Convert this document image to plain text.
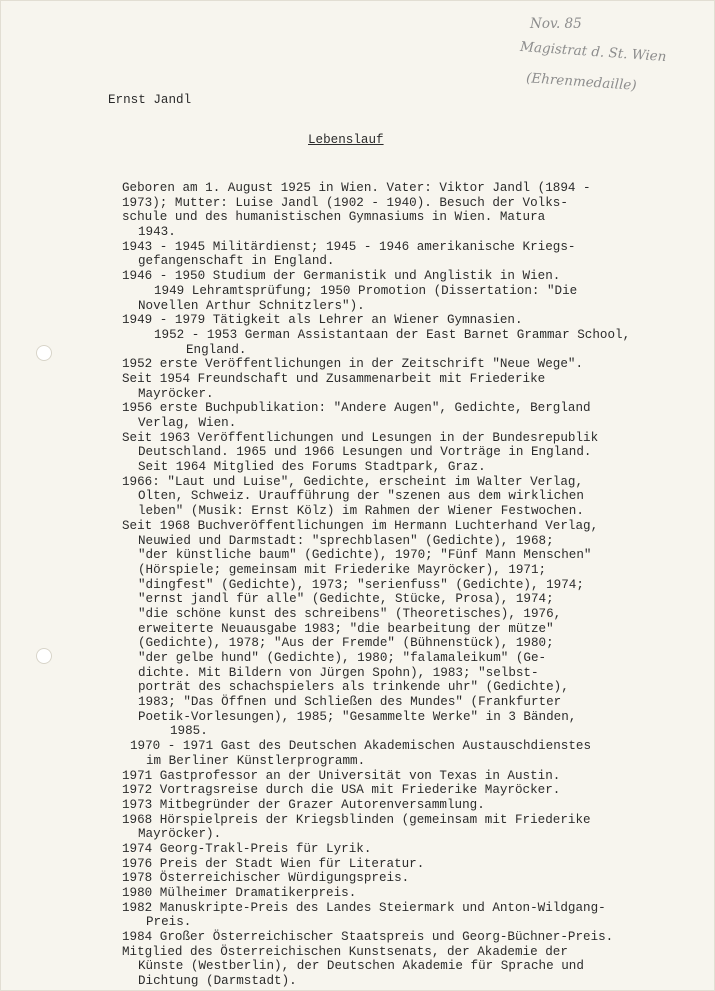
Nov. 85
Magistrat d. St. Wien
(Ehrenmedaille)
Ernst Jandl
Lebenslauf
Geboren am 1. August 1925 in Wien. Vater: Viktor Jandl (1894 -
1973); Mutter: Luise Jandl (1902 - 1940). Besuch der Volks-
schule und des humanistischen Gymnasiums in Wien. Matura
1943.
1943 - 1945 Militärdienst; 1945 - 1946 amerikanische Kriegs-
gefangenschaft in England.
1946 - 1950 Studium der Germanistik und Anglistik in Wien.
1949 Lehramtsprüfung; 1950 Promotion (Dissertation: "Die
Novellen Arthur Schnitzlers").
1949 - 1979 Tätigkeit als Lehrer an Wiener Gymnasien.
1952 - 1953 German Assistantaan der East Barnet Grammar School,
England.
1952 erste Veröffentlichungen in der Zeitschrift "Neue Wege".
Seit 1954 Freundschaft und Zusammenarbeit mit Friederike
Mayröcker.
1956 erste Buchpublikation: "Andere Augen", Gedichte, Bergland
Verlag, Wien.
Seit 1963 Veröffentlichungen und Lesungen in der Bundesrepublik
Deutschland. 1965 und 1966 Lesungen und Vorträge in England.
Seit 1964 Mitglied des Forums Stadtpark, Graz.
1966: "Laut und Luise", Gedichte, erscheint im Walter Verlag,
Olten, Schweiz. Uraufführung der "szenen aus dem wirklichen
leben" (Musik: Ernst Kölz) im Rahmen der Wiener Festwochen.
Seit 1968 Buchveröffentlichungen im Hermann Luchterhand Verlag,
Neuwied und Darmstadt: "sprechblasen" (Gedichte), 1968;
"der künstliche baum" (Gedichte), 1970; "Fünf Mann Menschen"
(Hörspiele; gemeinsam mit Friederike Mayröcker), 1971;
"dingfest" (Gedichte), 1973; "serienfuss" (Gedichte), 1974;
"ernst jandl für alle" (Gedichte, Stücke, Prosa), 1974;
"die schöne kunst des schreibens" (Theoretisches), 1976,
erweiterte Neuausgabe 1983; "die bearbeitung der mütze"
(Gedichte), 1978; "Aus der Fremde" (Bühnenstück), 1980;
"der gelbe hund" (Gedichte), 1980; "falamaleikum" (Ge-
dichte. Mit Bildern von Jürgen Spohn), 1983; "selbst-
porträt des schachspielers als trinkende uhr" (Gedichte),
1983; "Das Öffnen und Schließen des Mundes" (Frankfurter
Poetik-Vorlesungen), 1985; "Gesammelte Werke" in 3 Bänden,
1985.
1970 - 1971 Gast des Deutschen Akademischen Austauschdienstes
im Berliner Künstlerprogramm.
1971 Gastprofessor an der Universität von Texas in Austin.
1972 Vortragsreise durch die USA mit Friederike Mayröcker.
1973 Mitbegründer der Grazer Autorenversammlung.
1968 Hörspielpreis der Kriegsblinden (gemeinsam mit Friederike
Mayröcker).
1974 Georg-Trakl-Preis für Lyrik.
1976 Preis der Stadt Wien für Literatur.
1978 Österreichischer Würdigungspreis.
1980 Mülheimer Dramatikerpreis.
1982 Manuskripte-Preis des Landes Steiermark und Anton-Wildgang-
Preis.
1984 Großer Österreichischer Staatspreis und Georg-Büchner-Preis.
Mitglied des Österreichischen Kunstsenats, der Akademie der
Künste (Westberlin), der Deutschen Akademie für Sprache und
Dichtung (Darmstadt).
